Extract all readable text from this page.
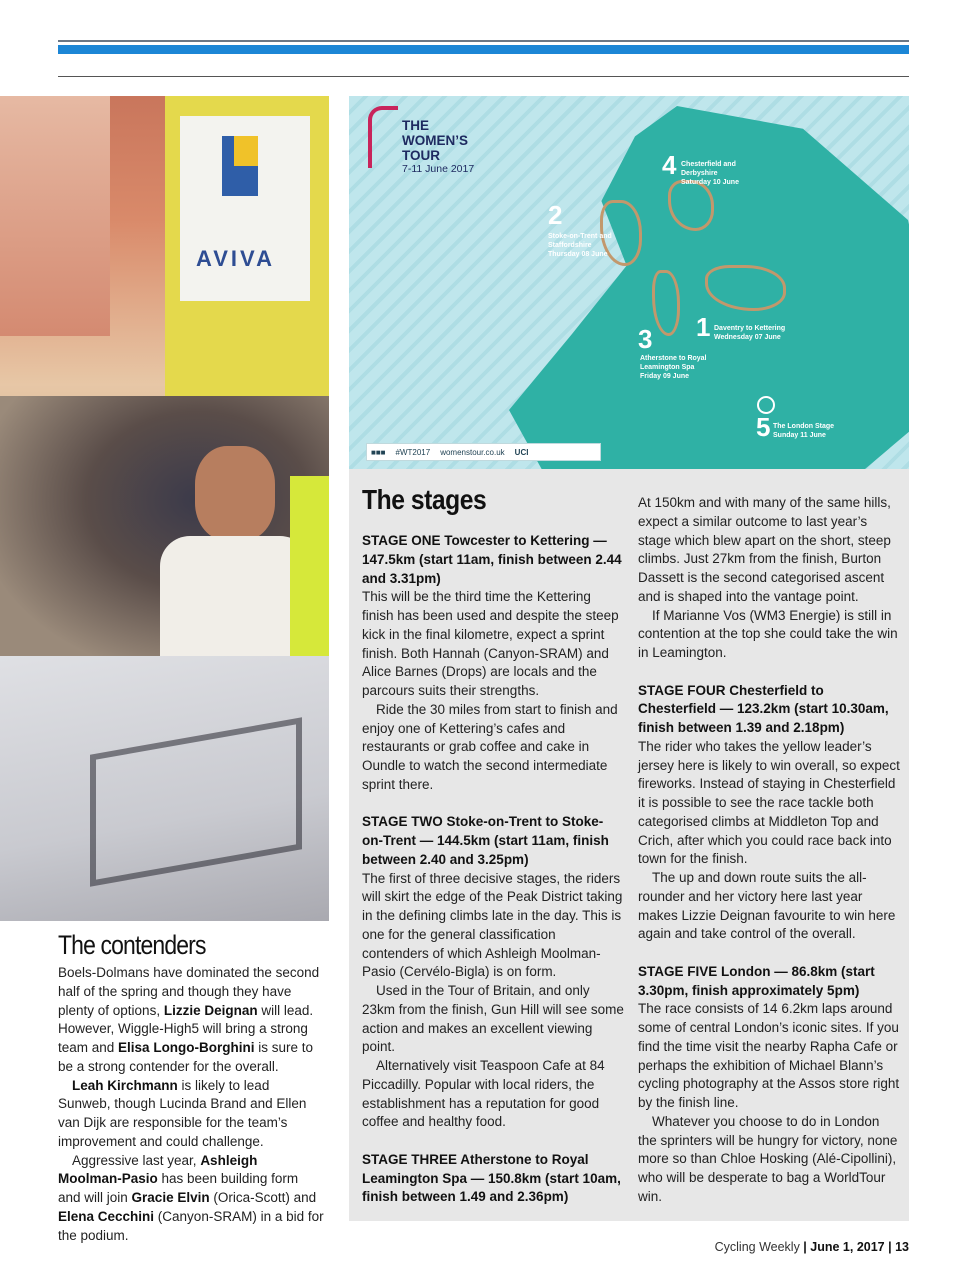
AVIVA
The contenders

Boels-Dolmans have dominated the second half of the spring and though they have plenty of options, Lizzie Deignan will lead. However, Wiggle-High5 will bring a strong team and Elisa Longo-Borghini is sure to be a strong contender for the overall.

Leah Kirchmann is likely to lead Sunweb, though Lucinda Brand and Ellen van Dijk are responsible for the team’s improvement and could challenge.

Aggressive last year, Ashleigh Moolman-Pasio has been building form and will join Gracie Elvin (Orica-Scott) and Elena Cecchini (Canyon-SRAM) in a bid for the podium.

THE
WOMEN’S
TOUR
7-11 June 2017
2
Stoke-on-Trent and Staffordshire
Thursday 08 June
4 Chesterfield and Derbyshire
Saturday 10 June
1 Daventry to Kettering
Wednesday 07 June
3
Atherstone to Royal Leamington Spa
Friday 09 June
5 The London Stage
Sunday 11 June
■■■ #WT2017 womenstour.co.uk UCI
The stages

STAGE ONE Towcester to Kettering — 147.5km (start 11am, finish between 2.44 and 3.31pm)

This will be the third time the Kettering finish has been used and despite the steep kick in the final kilometre, expect a sprint finish. Both Hannah (Canyon-SRAM) and Alice Barnes (Drops) are locals and the parcours suits their strengths.

Ride the 30 miles from start to finish and enjoy one of Kettering’s cafes and restaurants or grab coffee and cake in Oundle to watch the second intermediate sprint there.

STAGE TWO Stoke-on-Trent to Stoke-on-Trent — 144.5km (start 11am, finish between 2.40 and 3.25pm)

The first of three decisive stages, the riders will skirt the edge of the Peak District taking in the defining climbs late in the day. This is one for the general classification contenders of which Ashleigh Moolman-Pasio (Cervélo-Bigla) is on form.

Used in the Tour of Britain, and only 23km from the finish, Gun Hill will see some action and makes an excellent viewing point.

Alternatively visit Teaspoon Cafe at 84 Piccadilly. Popular with local riders, the establishment has a reputation for good coffee and healthy food.

STAGE THREE Atherstone to Royal Leamington Spa — 150.8km (start 10am, finish between 1.49 and 2.36pm)

At 150km and with many of the same hills, expect a similar outcome to last year’s stage which blew apart on the short, steep climbs. Just 27km from the finish, Burton Dassett is the second categorised ascent and is shaped into the vantage point.

If Marianne Vos (WM3 Energie) is still in contention at the top she could take the win in Leamington.

STAGE FOUR Chesterfield to Chesterfield — 123.2km (start 10.30am, finish between 1.39 and 2.18pm)

The rider who takes the yellow leader’s jersey here is likely to win overall, so expect fireworks. Instead of staying in Chesterfield it is possible to see the race tackle both categorised climbs at Middleton Top and Crich, after which you could race back into town for the finish.

The up and down route suits the all-rounder and her victory here last year makes Lizzie Deignan favourite to win here again and take control of the overall.

STAGE FIVE London — 86.8km (start 3.30pm, finish approximately 5pm)

The race consists of 14 6.2km laps around some of central London’s iconic sites. If you find the time visit the nearby Rapha Cafe or perhaps the exhibition of Michael Blann’s cycling photography at the Assos store right by the finish line.

Whatever you choose to do in London the sprinters will be hungry for victory, none more so than Chloe Hosking (Alé-Cipollini), who will be desperate to bag a WorldTour win.

Cycling Weekly | June 1, 2017 | 13
